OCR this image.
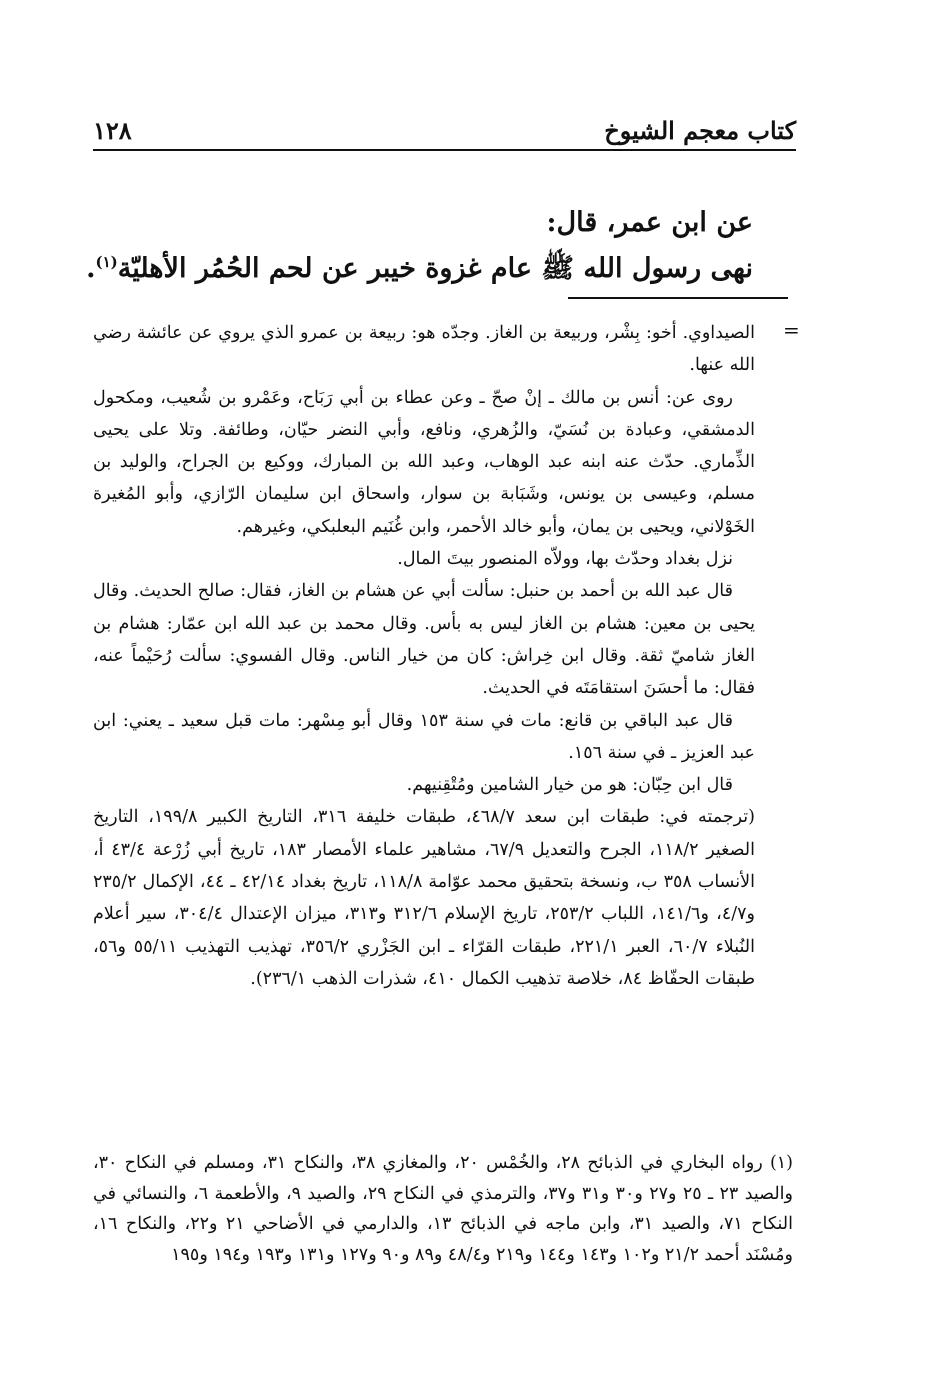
كتاب معجم الشيوخ
١٢٨
عن ابن عمر، قال:
نهى رسول الله ﷺ عام غزوة خيبر عن لحم الحُمُر الأهليّة$^{(١)}$.
=

الصيداوي. أخو: بِشْر، وربيعة بن الغاز. وجدّه هو: ربيعة بن عمرو الذي يروي عن عائشة رضي الله عنها.

روى عن: أنس بن مالك ـ إنْ صحّ ـ وعن عطاء بن أبي رَبَاح، وعَمْرو بن شُعيب، ومكحول الدمشقي، وعبادة بن نُسَيّ، والزُهري، ونافع، وأبي النضر حيّان، وطائفة. وتلا على يحيى الذِّماري. حدّث عنه ابنه عبد الوهاب، وعبد الله بن المبارك، ووكيع بن الجراح، والوليد بن مسلم، وعيسى بن يونس، وشَبَابة بن سوار، واسحاق ابن سليمان الرّازي، وأبو المُغيرة الخَوْلاني، ويحيى بن يمان، وأبو خالد الأحمر، وابن غُنَيم البعلبكي، وغيرهم.

نزل بغداد وحدّث بها، وولاّه المنصور بيتَ المال.

قال عبد الله بن أحمد بن حنبل: سألت أبي عن هشام بن الغاز، فقال: صالح الحديث. وقال يحيى بن معين: هشام بن الغاز ليس به بأس. وقال محمد بن عبد الله ابن عمّار: هشام بن الغاز شاميّ ثقة. وقال ابن خِراش: كان من خيار الناس. وقال الفسوي: سألت رُحَيْماً عنه، فقال: ما أحسَنَ استقامَتَه في الحديث.

قال عبد الباقي بن قانع: مات في سنة ١٥٣ وقال أبو مِسْهر: مات قبل سعيد ـ يعني: ابن عبد العزيز ـ في سنة ١٥٦.

قال ابن حِبّان: هو من خيار الشامين ومُتْقِنيهم.

(ترجمته في: طبقات ابن سعد ٤٦٨/٧، طبقات خليفة ٣١٦، التاريخ الكبير ١٩٩/٨، التاريخ الصغير ١١٨/٢، الجرح والتعديل ٦٧/٩، مشاهير علماء الأمصار ١٨٣، تاريخ أبي زُرْعة ٤٣/٤ أ، الأنساب ٣٥٨ ب، ونسخة بتحقيق محمد عوّامة ١١٨/٨، تاريخ بغداد ٤٢/١٤ ـ ٤٤، الإكمال ٢٣٥/٢ و٤/٧، و١٤١/٦، اللباب ٢٥٣/٢، تاريخ الإسلام ٣١٢/٦ و٣١٣، ميزان الإعتدال ٣٠٤/٤، سير أعلام النُبلاء ٦٠/٧، العبر ٢٢١/١، طبقات القرّاء ـ ابن الجَزْري ٣٥٦/٢، تهذيب التهذيب ٥٥/١١ و٥٦، طبقات الحفّاظ ٨٤، خلاصة تذهيب الكمال ٤١٠، شذرات الذهب ٢٣٦/١).

(١) رواه البخاري في الذبائح ٢٨، والخُمْس ٢٠، والمغازي ٣٨، والنكاح ٣١، ومسلم في النكاح ٣٠، والصيد ٢٣ ـ ٢٥ و٢٧ و٣٠ و٣١ و٣٧، والترمذي في النكاح ٢٩، والصيد ٩، والأطعمة ٦، والنسائي في النكاح ٧١، والصيد ٣١، وابن ماجه في الذبائح ١٣، والدارمي في الأضاحي ٢١ و٢٢، والنكاح ١٦، ومُسْنَد أحمد ٢١/٢ و١٠٢ و١٤٣ و١٤٤ و٢١٩ و٤٨/٤ و٨٩ و٩٠ و١٢٧ و١٣١ و١٩٣ و١٩٤ و١٩٥
